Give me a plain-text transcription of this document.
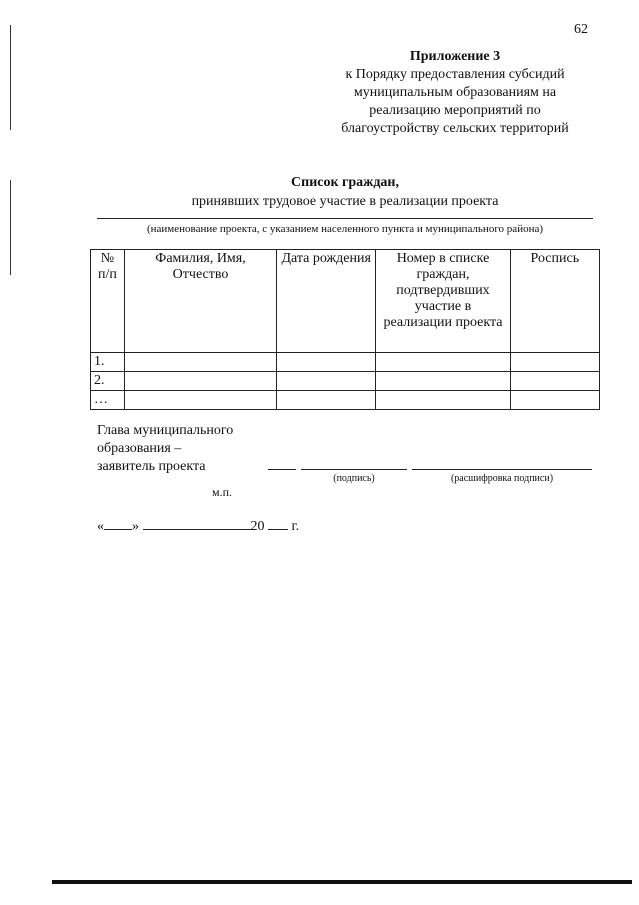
62
Приложение 3
к Порядку предоставления субсидий
муниципальным образованиям на
реализацию мероприятий по
благоустройству сельских территорий
Список граждан,
принявших трудовое участие в реализации проекта
(наименование проекта, с указанием населенного пункта и муниципального района)
№ п/п	Фамилия, Имя, Отчество	Дата рождения	Номер в списке граждан, подтвердивших участие в реализации проекта	Роспись
1.				
2.				
…				
Глава муниципального
образования –
заявитель проекта
(подпись)	(расшифровка подписи)
м.п.
« »	20 г.
